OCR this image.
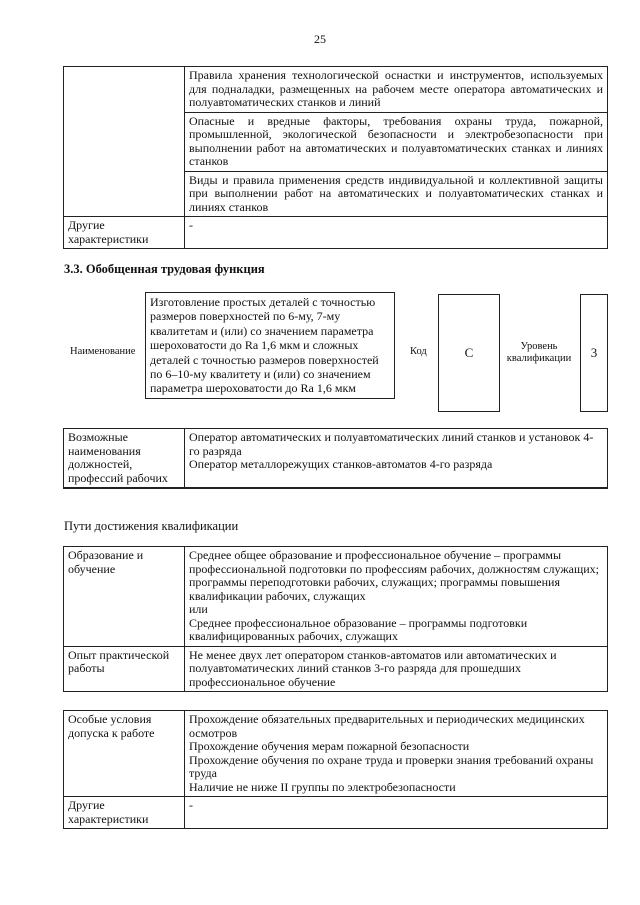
25
	Правила хранения технологической оснастки и инструментов, используемых для подналадки, размещенных на рабочем месте оператора автоматических и полуавтоматических станков и линий
	Опасные и вредные факторы, требования охраны труда, пожарной, промышленной, экологической безопасности и электробезопасности при выполнении работ на автоматических и полуавтоматических станках и линиях станков
	Виды и правила применения средств индивидуальной и коллективной защиты при выполнении работ на автоматических и полуавтоматических станках и линиях станков
Другие характеристики	-
3.3. Обобщенная трудовая функция
Наименование
Изготовление простых деталей с точностью размеров поверхностей по 6-му, 7-му квалитетам и (или) со значением параметра шероховатости до Ra 1,6 мкм и сложных деталей с точностью размеров поверхностей по 6–10-му квалитету и (или) со значением параметра шероховатости до Ra 1,6 мкм
Код	С	Уровень квалификации	3
Возможные наименования должностей, профессий рабочих	Оператор автоматических и полуавтоматических линий станков и установок 4-го разряда
Оператор металлорежущих станков-автоматов 4-го разряда

Пути достижения квалификации
Образование и обучение	Среднее общее образование и профессиональное обучение – программы профессиональной подготовки по профессиям рабочих, должностям служащих; программы переподготовки рабочих, служащих; программы повышения квалификации рабочих, служащих
или
Среднее профессиональное образование – программы подготовки квалифицированных рабочих, служащих

Опыт практической работы	Не менее двух лет оператором станков-автоматов или автоматических и полуавтоматических линий станков 3-го разряда для прошедших профессиональное обучение
Особые условия допуска к работе	Прохождение обязательных предварительных и периодических медицинских осмотров
Прохождение обучения мерам пожарной безопасности
Прохождение обучения по охране труда и проверки знания требований охраны труда
Наличие не ниже II группы по электробезопасности

Другие характеристики	-
